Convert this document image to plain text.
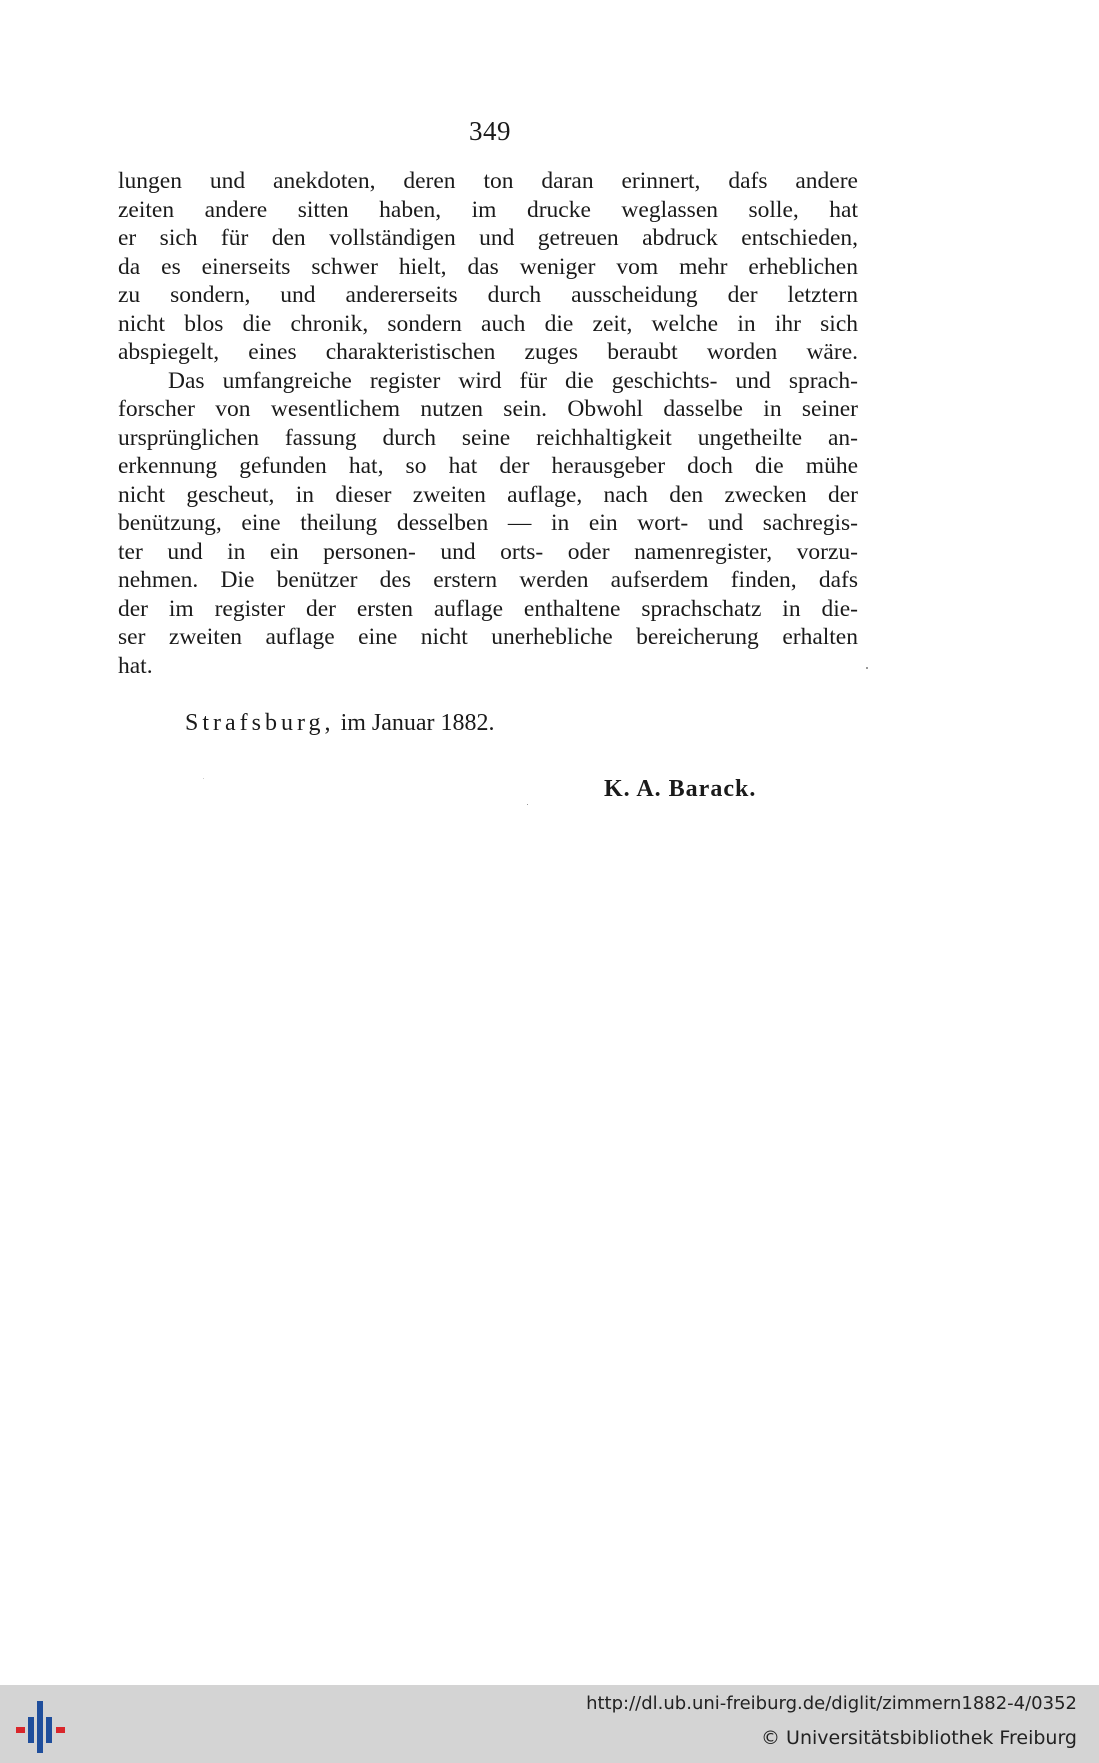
349
lungen und anekdoten, deren ton daran erinnert, dafs andere
zeiten andere sitten haben, im drucke weglassen solle, hat
er sich für den vollständigen und getreuen abdruck entschieden,
da es einerseits schwer hielt, das weniger vom mehr erheblichen
zu sondern, und andererseits durch ausscheidung der letztern
nicht blos die chronik, sondern auch die zeit, welche in ihr sich
abspiegelt, eines charakteristischen zuges beraubt worden wäre.
Das umfangreiche register wird für die geschichts- und sprach-
forscher von wesentlichem nutzen sein. Obwohl dasselbe in seiner
ursprünglichen fassung durch seine reichhaltigkeit ungetheilte an-
erkennung gefunden hat, so hat der herausgeber doch die mühe
nicht gescheut, in dieser zweiten auflage, nach den zwecken der
benützung, eine theilung desselben — in ein wort- und sachregis-
ter und in ein personen- und orts- oder namenregister, vorzu-
nehmen. Die benützer des erstern werden aufserdem finden, dafs
der im register der ersten auflage enthaltene sprachschatz in die-
ser zweiten auflage eine nicht unerhebliche bereicherung erhalten
hat.
Strafsburg, im Januar 1882.
K. A. Barack.
http://dl.ub.uni-freiburg.de/diglit/zimmern1882-4/0352
© Universitätsbibliothek Freiburg
